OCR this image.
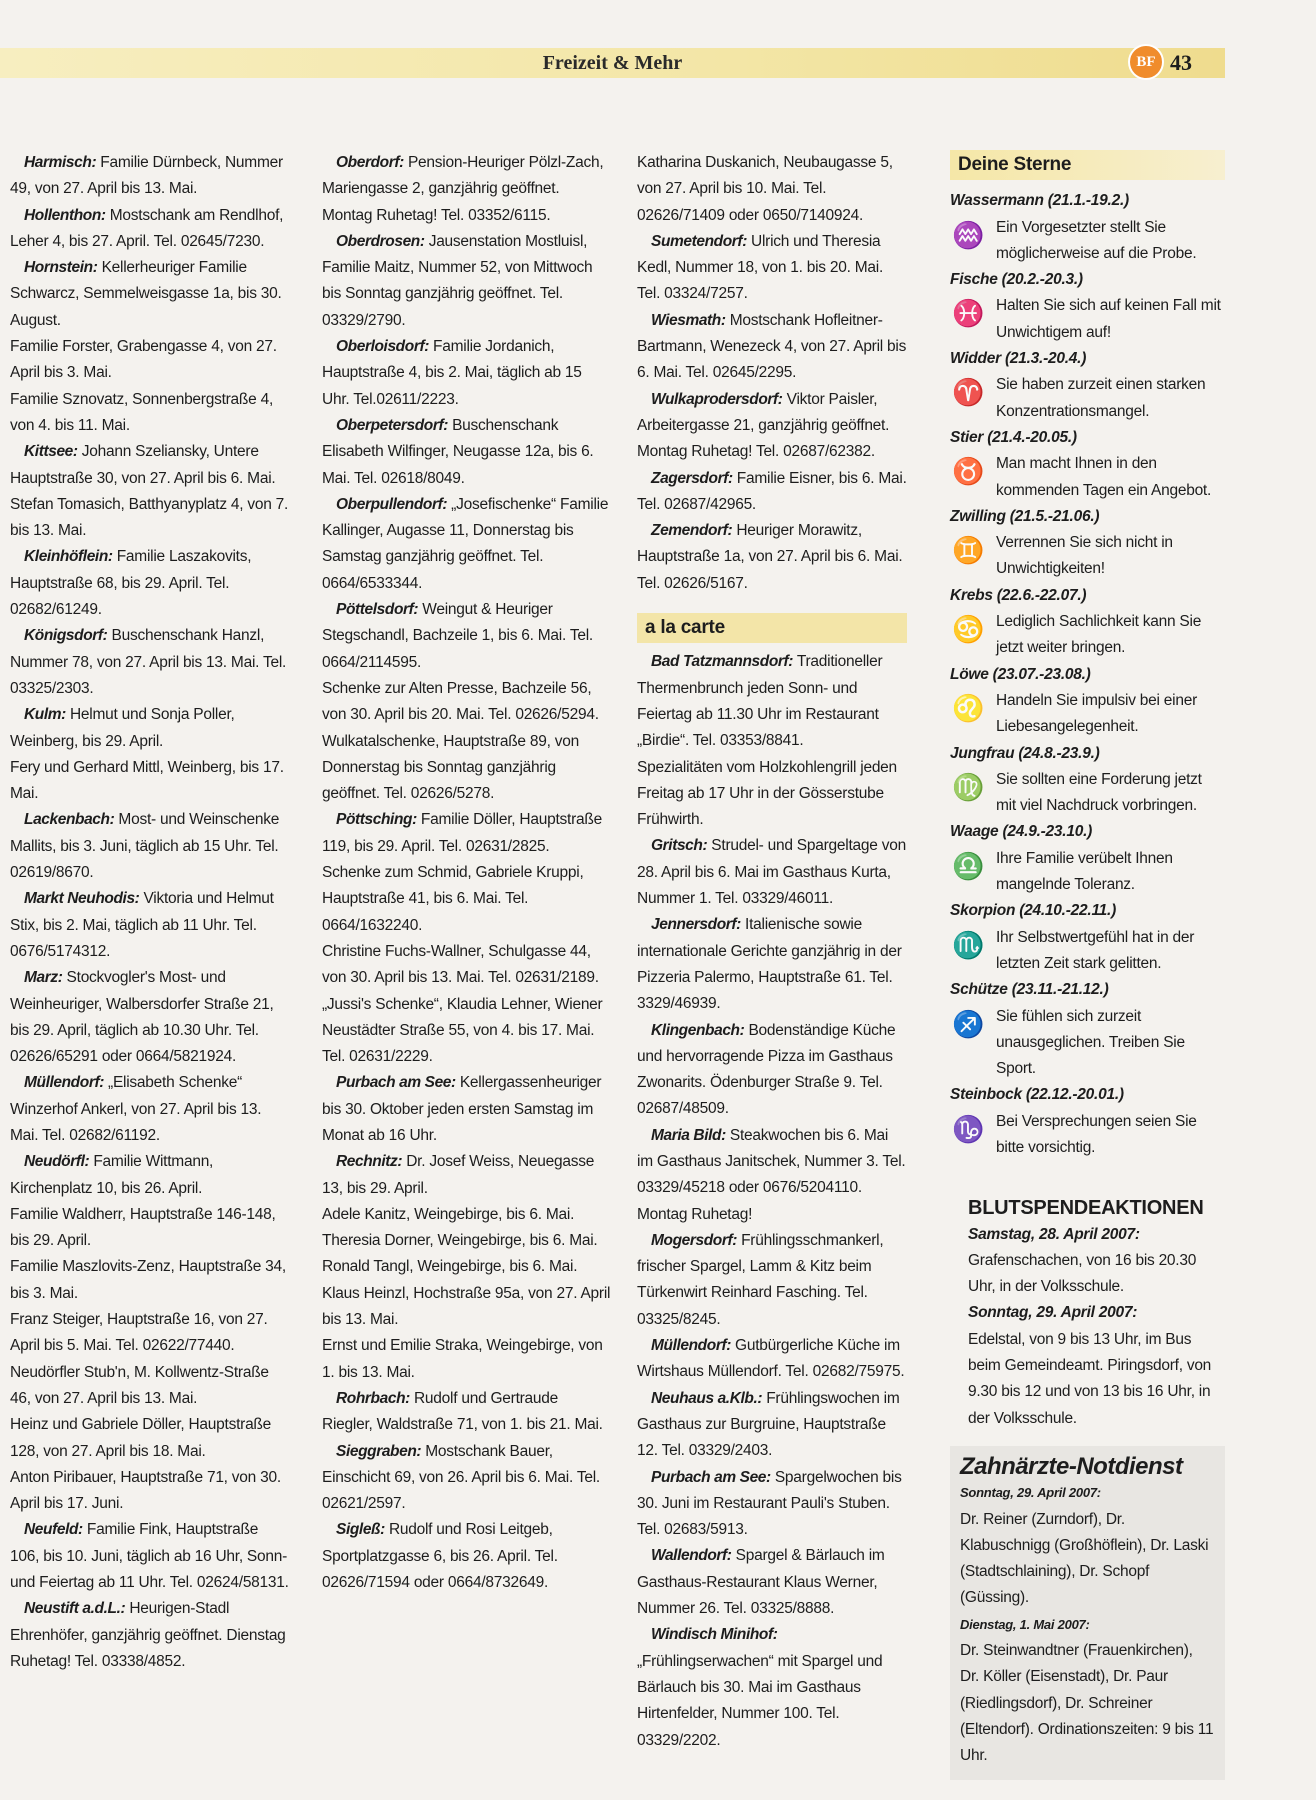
Freizeit & Mehr	BF 43

Harmisch: Familie Dürnbeck, Nummer 49, von 27. April bis 13. Mai.

Hollenthon: Mostschank am Rendlhof, Leher 4, bis 27. April. Tel. 02645/7230.

Hornstein: Kellerheuriger Familie Schwarcz, Semmelweisgasse 1a, bis 30. August.

Familie Forster, Grabengasse 4, von 27. April bis 3. Mai.

Familie Sznovatz, Sonnenbergstraße 4, von 4. bis 11. Mai.

Kittsee: Johann Szeliansky, Untere Hauptstraße 30, von 27. April bis 6. Mai.

Stefan Tomasich, Batthyanyplatz 4, von 7. bis 13. Mai.

Kleinhöflein: Familie Laszakovits, Hauptstraße 68, bis 29. April. Tel. 02682/61249.

Königsdorf: Buschenschank Hanzl, Nummer 78, von 27. April bis 13. Mai. Tel. 03325/2303.

Kulm: Helmut und Sonja Poller, Weinberg, bis 29. April.

Fery und Gerhard Mittl, Weinberg, bis 17. Mai.

Lackenbach: Most- und Weinschenke Mallits, bis 3. Juni, täglich ab 15 Uhr. Tel. 02619/8670.

Markt Neuhodis: Viktoria und Helmut Stix, bis 2. Mai, täglich ab 11 Uhr. Tel. 0676/5174312.

Marz: Stockvogler's Most- und Weinheuriger, Walbersdorfer Straße 21, bis 29. April, täglich ab 10.30 Uhr. Tel. 02626/65291 oder 0664/5821924.

Müllendorf: „Elisabeth Schenke“ Winzerhof Ankerl, von 27. April bis 13. Mai. Tel. 02682/61192.

Neudörfl: Familie Wittmann, Kirchenplatz 10, bis 26. April.

Familie Waldherr, Hauptstraße 146-148, bis 29. April.

Familie Maszlovits-Zenz, Hauptstraße 34, bis 3. Mai.

Franz Steiger, Hauptstraße 16, von 27. April bis 5. Mai. Tel. 02622/77440.

Neudörfler Stub'n, M. Kollwentz-Straße 46, von 27. April bis 13. Mai.

Heinz und Gabriele Döller, Hauptstraße 128, von 27. April bis 18. Mai.

Anton Piribauer, Hauptstraße 71, von 30. April bis 17. Juni.

Neufeld: Familie Fink, Hauptstraße 106, bis 10. Juni, täglich ab 16 Uhr, Sonn- und Feiertag ab 11 Uhr. Tel. 02624/58131.

Neustift a.d.L.: Heurigen-Stadl Ehrenhöfer, ganzjährig geöffnet. Dienstag Ruhetag! Tel. 03338/4852.

Oberdorf: Pension-Heuriger Pölzl-Zach, Mariengasse 2, ganzjährig geöffnet. Montag Ruhetag! Tel. 03352/6115.

Oberdrosen: Jausenstation Mostluisl, Familie Maitz, Nummer 52, von Mittwoch bis Sonntag ganzjährig geöffnet. Tel. 03329/2790.

Oberloisdorf: Familie Jordanich, Hauptstraße 4, bis 2. Mai, täglich ab 15 Uhr. Tel.02611/2223.

Oberpetersdorf: Buschenschank Elisabeth Wilfinger, Neugasse 12a, bis 6. Mai. Tel. 02618/8049.

Oberpullendorf: „Josefischenke“ Familie Kallinger, Augasse 11, Donnerstag bis Samstag ganzjährig geöffnet. Tel. 0664/6533344.

Pöttelsdorf: Weingut & Heuriger Stegschandl, Bachzeile 1, bis 6. Mai. Tel. 0664/2114595.

Schenke zur Alten Presse, Bachzeile 56, von 30. April bis 20. Mai. Tel. 02626/5294.

Wulkatalschenke, Hauptstraße 89, von Donnerstag bis Sonntag ganzjährig geöffnet. Tel. 02626/5278.

Pöttsching: Familie Döller, Hauptstraße 119, bis 29. April. Tel. 02631/2825.

Schenke zum Schmid, Gabriele Kruppi, Hauptstraße 41, bis 6. Mai. Tel. 0664/1632240.

Christine Fuchs-Wallner, Schulgasse 44, von 30. April bis 13. Mai. Tel. 02631/2189.

„Jussi's Schenke“, Klaudia Lehner, Wiener Neustädter Straße 55, von 4. bis 17. Mai. Tel. 02631/2229.

Purbach am See: Kellergassenheuriger bis 30. Oktober jeden ersten Samstag im Monat ab 16 Uhr.

Rechnitz: Dr. Josef Weiss, Neuegasse 13, bis 29. April.

Adele Kanitz, Weingebirge, bis 6. Mai.

Theresia Dorner, Weingebirge, bis 6. Mai.

Ronald Tangl, Weingebirge, bis 6. Mai.

Klaus Heinzl, Hochstraße 95a, von 27. April bis 13. Mai.

Ernst und Emilie Straka, Weingebirge, von 1. bis 13. Mai.

Rohrbach: Rudolf und Gertraude Riegler, Waldstraße 71, von 1. bis 21. Mai.

Sieggraben: Mostschank Bauer, Einschicht 69, von 26. April bis 6. Mai. Tel. 02621/2597.

Sigleß: Rudolf und Rosi Leitgeb, Sportplatzgasse 6, bis 26. April. Tel. 02626/71594 oder 0664/8732649.

Katharina Duskanich, Neubaugasse 5, von 27. April bis 10. Mai. Tel. 02626/71409 oder 0650/7140924.

Sumetendorf: Ulrich und Theresia Kedl, Nummer 18, von 1. bis 20. Mai. Tel. 03324/7257.

Wiesmath: Mostschank Hofleitner-Bartmann, Wenezeck 4, von 27. April bis 6. Mai. Tel. 02645/2295.

Wulkaprodersdorf: Viktor Paisler, Arbeitergasse 21, ganzjährig geöffnet. Montag Ruhetag! Tel. 02687/62382.

Zagersdorf: Familie Eisner, bis 6. Mai. Tel. 02687/42965.

Zemendorf: Heuriger Morawitz, Hauptstraße 1a, von 27. April bis 6. Mai. Tel. 02626/5167.

a la carte

Bad Tatzmannsdorf: Traditioneller Thermenbrunch jeden Sonn- und Feiertag ab 11.30 Uhr im Restaurant „Birdie“. Tel. 03353/8841.

Spezialitäten vom Holzkohlengrill jeden Freitag ab 17 Uhr in der Gösserstube Frühwirth.

Gritsch: Strudel- und Spargeltage von 28. April bis 6. Mai im Gasthaus Kurta, Nummer 1. Tel. 03329/46011.

Jennersdorf: Italienische sowie internationale Gerichte ganzjährig in der Pizzeria Palermo, Hauptstraße 61. Tel. 3329/46939.

Klingenbach: Bodenständige Küche und hervorragende Pizza im Gasthaus Zwonarits. Ödenburger Straße 9. Tel. 02687/48509.

Maria Bild: Steakwochen bis 6. Mai im Gasthaus Janitschek, Nummer 3. Tel. 03329/45218 oder 0676/5204110. Montag Ruhetag!

Mogersdorf: Frühlingsschmankerl, frischer Spargel, Lamm & Kitz beim Türkenwirt Reinhard Fasching. Tel. 03325/8245.

Müllendorf: Gutbürgerliche Küche im Wirtshaus Müllendorf. Tel. 02682/75975.

Neuhaus a.Klb.: Frühlingswochen im Gasthaus zur Burgruine, Hauptstraße 12. Tel. 03329/2403.

Purbach am See: Spargelwochen bis 30. Juni im Restaurant Pauli's Stuben. Tel. 02683/5913.

Wallendorf: Spargel & Bärlauch im Gasthaus-Restaurant Klaus Werner, Nummer 26. Tel. 03325/8888.

Windisch Minihof: „Frühlingserwachen“ mit Spargel und Bärlauch bis 30. Mai im Gasthaus Hirtenfelder, Nummer 100. Tel. 03329/2202.

Deine Sterne
Wassermann (21.1.-19.2.)
♒ Ein Vorgesetzter stellt Sie möglicherweise auf die Probe.
Fische (20.2.-20.3.)
♓ Halten Sie sich auf keinen Fall mit Unwichtigem auf!
Widder (21.3.-20.4.)
♈ Sie haben zurzeit einen starken Konzentrationsmangel.
Stier (21.4.-20.05.)
♉ Man macht Ihnen in den kommenden Tagen ein Angebot.
Zwilling (21.5.-21.06.)
♊ Verrennen Sie sich nicht in Unwichtigkeiten!
Krebs (22.6.-22.07.)
♋ Lediglich Sachlichkeit kann Sie jetzt weiter bringen.
Löwe (23.07.-23.08.)
♌ Handeln Sie impulsiv bei einer Liebesangelegenheit.
Jungfrau (24.8.-23.9.)
♍ Sie sollten eine Forderung jetzt mit viel Nachdruck vorbringen.
Waage (24.9.-23.10.)
♎ Ihre Familie verübelt Ihnen mangelnde Toleranz.
Skorpion (24.10.-22.11.)
♏ Ihr Selbstwertgefühl hat in der letzten Zeit stark gelitten.
Schütze (23.11.-21.12.)
♐ Sie fühlen sich zurzeit unausgeglichen. Treiben Sie Sport.
Steinbock (22.12.-20.01.)
♑ Bei Versprechungen seien Sie bitte vorsichtig.
BLUTSPENDEAKTIONEN
Samstag, 28. April 2007:
Grafenschachen, von 16 bis 20.30 Uhr, in der Volksschule.
Sonntag, 29. April 2007:
Edelstal, von 9 bis 13 Uhr, im Bus beim Gemeindeamt. Piringsdorf, von 9.30 bis 12 und von 13 bis 16 Uhr, in der Volksschule.
Zahnärzte-Notdienst
Sonntag, 29. April 2007:
Dr. Reiner (Zurndorf), Dr. Klabuschnigg (Großhöflein), Dr. Laski (Stadtschlaining), Dr. Schopf (Güssing).
Dienstag, 1. Mai 2007:
Dr. Steinwandtner (Frauenkirchen), Dr. Köller (Eisenstadt), Dr. Paur (Riedlingsdorf), Dr. Schreiner (Eltendorf). Ordinationszeiten: 9 bis 11 Uhr.
